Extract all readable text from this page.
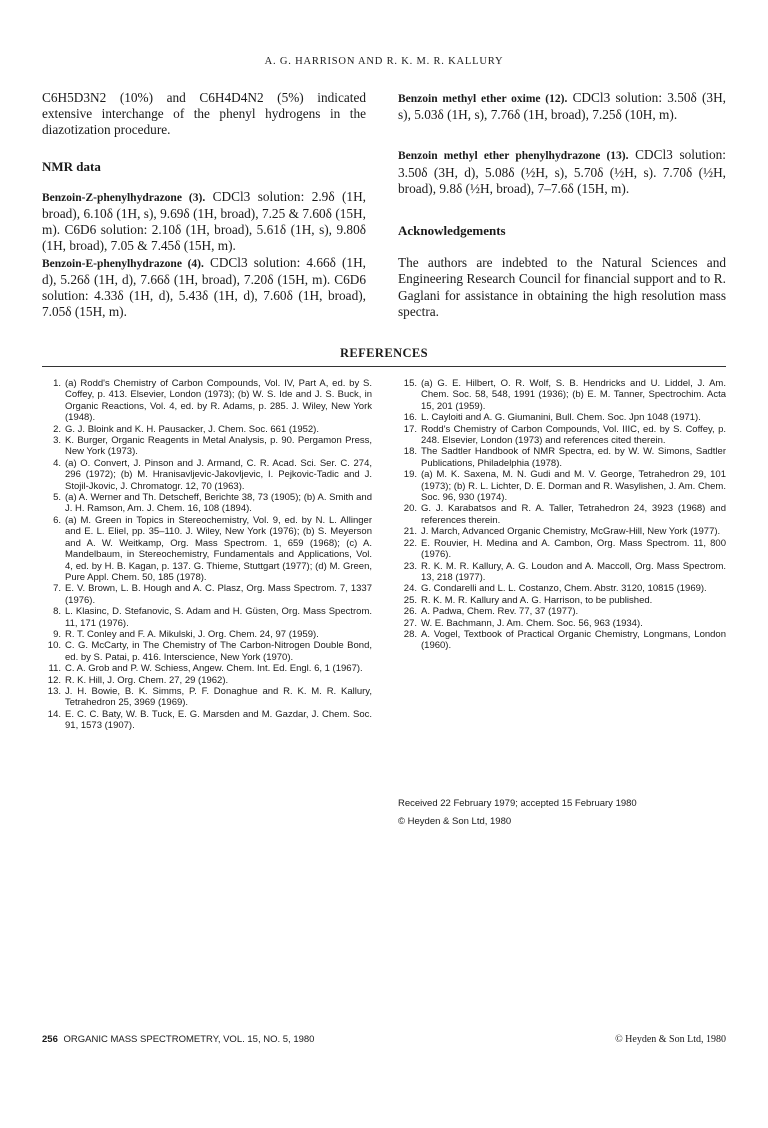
A. G. HARRISON AND R. K. M. R. KALLURY

C6H5D3N2 (10%) and C6H4D4N2 (5%) indicated extensive interchange of the phenyl hydrogens in the diazotization procedure.

NMR data

Benzoin-Z-phenylhydrazone (3). CDCl3 solution: 2.9δ (1H, broad), 6.10δ (1H, s), 9.69δ (1H, broad), 7.25 & 7.60δ (15H, m). C6D6 solution: 2.10δ (1H, broad), 5.61δ (1H, s), 9.80δ (1H, broad), 7.05 & 7.45δ (15H, m).

Benzoin-E-phenylhydrazone (4). CDCl3 solution: 4.66δ (1H, d), 5.26δ (1H, d), 7.66δ (1H, broad), 7.20δ (15H, m). C6D6 solution: 4.33δ (1H, d), 5.43δ (1H, d), 7.60δ (1H, broad), 7.05δ (15H, m).

Benzoin methyl ether oxime (12). CDCl3 solution: 3.50δ (3H, s), 5.03δ (1H, s), 7.76δ (1H, broad), 7.25δ (10H, m).

Benzoin methyl ether phenylhydrazone (13). CDCl3 solution: 3.50δ (3H, d), 5.08δ (½H, s), 5.70δ (½H, s). 7.70δ (½H, broad), 9.8δ (½H, broad), 7–7.6δ (15H, m).

Acknowledgements

The authors are indebted to the Natural Sciences and Engineering Research Council for financial support and to R. Gaglani for assistance in obtaining the high resolution mass spectra.

REFERENCES
1. (a) Rodd's Chemistry of Carbon Compounds, Vol. IV, Part A, ed. by S. Coffey, p. 413. Elsevier, London (1973); (b) W. S. Ide and J. S. Buck, in Organic Reactions, Vol. 4, ed. by R. Adams, p. 285. J. Wiley, New York (1948).
2. G. J. Bloink and K. H. Pausacker, J. Chem. Soc. 661 (1952).
3. K. Burger, Organic Reagents in Metal Analysis, p. 90. Pergamon Press, New York (1973).
4. (a) O. Convert, J. Pinson and J. Armand, C. R. Acad. Sci. Ser. C. 274, 296 (1972); (b) M. Hranisavljevic-Jakovljevic, I. Pejkovic-Tadic and J. Stojil-Jkovic, J. Chromatogr. 12, 70 (1963).
5. (a) A. Werner and Th. Detscheff, Berichte 38, 73 (1905); (b) A. Smith and J. H. Ramson, Am. J. Chem. 16, 108 (1894).
6. (a) M. Green in Topics in Stereochemistry, Vol. 9, ed. by N. L. Allinger and E. L. Eliel, pp. 35–110. J. Wiley, New York (1976); (b) S. Meyerson and A. W. Weitkamp, Org. Mass Spectrom. 1, 659 (1968); (c) A. Mandelbaum, in Stereochemistry, Fundamentals and Applications, Vol. 4, ed. by H. B. Kagan, p. 137. G. Thieme, Stuttgart (1977); (d) M. Green, Pure Appl. Chem. 50, 185 (1978).
7. E. V. Brown, L. B. Hough and A. C. Plasz, Org. Mass Spectrom. 7, 1337 (1976).
8. L. Klasinc, D. Stefanovic, S. Adam and H. Güsten, Org. Mass Spectrom. 11, 171 (1976).
9. R. T. Conley and F. A. Mikulski, J. Org. Chem. 24, 97 (1959).
10. C. G. McCarty, in The Chemistry of The Carbon-Nitrogen Double Bond, ed. by S. Patai, p. 416. Interscience, New York (1970).
11. C. A. Grob and P. W. Schiess, Angew. Chem. Int. Ed. Engl. 6, 1 (1967).
12. R. K. Hill, J. Org. Chem. 27, 29 (1962).
13. J. H. Bowie, B. K. Simms, P. F. Donaghue and R. K. M. R. Kallury, Tetrahedron 25, 3969 (1969).
14. E. C. C. Baty, W. B. Tuck, E. G. Marsden and M. Gazdar, J. Chem. Soc. 91, 1573 (1907).
15. (a) G. E. Hilbert, O. R. Wolf, S. B. Hendricks and U. Liddel, J. Am. Chem. Soc. 58, 548, 1991 (1936); (b) E. M. Tanner, Spectrochim. Acta 15, 201 (1959).
16. L. Cayloiti and A. G. Giumanini, Bull. Chem. Soc. Jpn 1048 (1971).
17. Rodd's Chemistry of Carbon Compounds, Vol. IIIC, ed. by S. Coffey, p. 248. Elsevier, London (1973) and references cited therein.
18. The Sadtler Handbook of NMR Spectra, ed. by W. W. Simons, Sadtler Publications, Philadelphia (1978).
19. (a) M. K. Saxena, M. N. Gudi and M. V. George, Tetrahedron 29, 101 (1973); (b) R. L. Lichter, D. E. Dorman and R. Wasylishen, J. Am. Chem. Soc. 96, 930 (1974).
20. G. J. Karabatsos and R. A. Taller, Tetrahedron 24, 3923 (1968) and references therein.
21. J. March, Advanced Organic Chemistry, McGraw-Hill, New York (1977).
22. E. Rouvier, H. Medina and A. Cambon, Org. Mass Spectrom. 11, 800 (1976).
23. R. K. M. R. Kallury, A. G. Loudon and A. Maccoll, Org. Mass Spectrom. 13, 218 (1977).
24. G. Condarelli and L. L. Costanzo, Chem. Abstr. 3120, 10815 (1969).
25. R. K. M. R. Kallury and A. G. Harrison, to be published.
26. A. Padwa, Chem. Rev. 77, 37 (1977).
27. W. E. Bachmann, J. Am. Chem. Soc. 56, 963 (1934).
28. A. Vogel, Textbook of Practical Organic Chemistry, Longmans, London (1960).
Received 22 February 1979; accepted 15 February 1980
© Heyden & Son Ltd, 1980
256 ORGANIC MASS SPECTROMETRY, VOL. 15, NO. 5, 1980	© Heyden & Son Ltd, 1980
